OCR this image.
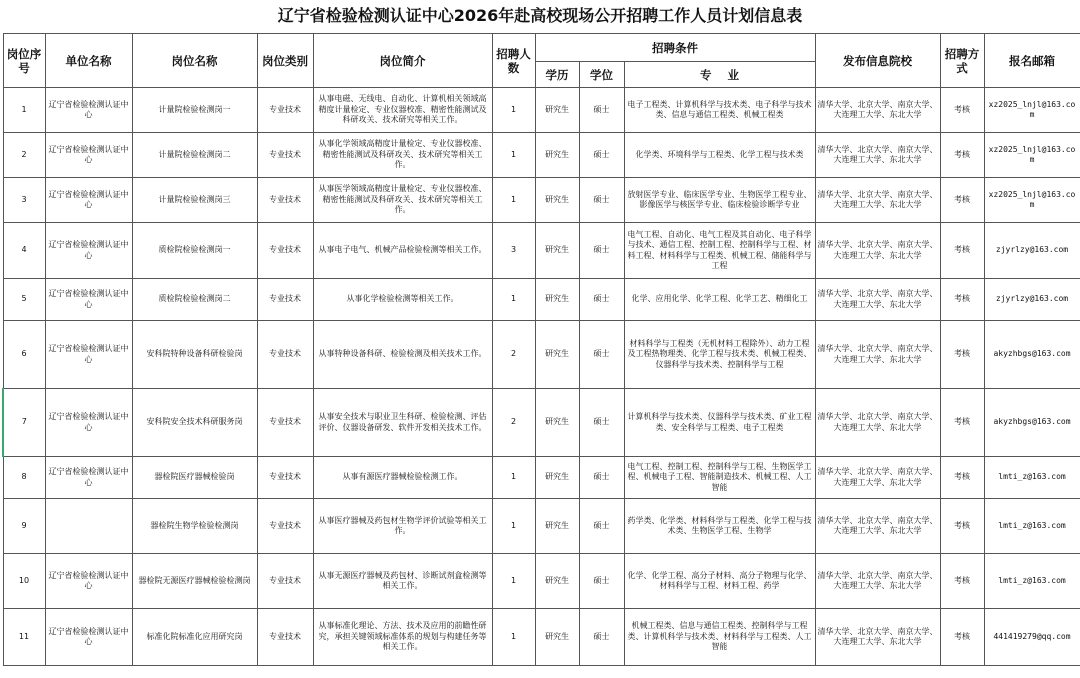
辽宁省检验检测认证中心2026年赴高校现场公开招聘工作人员计划信息表
岗位序号	单位名称	岗位名称	岗位类别	岗位简介	招聘人数	招聘条件			发布信息院校	招聘方式	报名邮箱
						学历	学位	专    业			
1	辽宁省检验检测认证中心	计量院检验检测岗一	专业技术	从事电磁、无线电、自动化、计算机相关领域高精度计量检定、专业仪器校准、精密性能测试及科研攻关、技术研究等相关工作。	1	研究生	硕士	电子工程类、计算机科学与技术类、电子科学与技术类、信息与通信工程类、机械工程类	清华大学、北京大学、南京大学、大连理工大学、东北大学	考核	xz2025_lnjl@163.com
2	辽宁省检验检测认证中心	计量院检验检测岗二	专业技术	从事化学领域高精度计量检定、专业仪器校准、精密性能测试及科研攻关、技术研究等相关工作。	1	研究生	硕士	化学类、环境科学与工程类、化学工程与技术类	清华大学、北京大学、南京大学、大连理工大学、东北大学	考核	xz2025_lnjl@163.com
3	辽宁省检验检测认证中心	计量院检验检测岗三	专业技术	从事医学领域高精度计量检定、专业仪器校准、精密性能测试及科研攻关、技术研究等相关工作。	1	研究生	硕士	放射医学专业、临床医学专业、生物医学工程专业、影像医学与核医学专业、临床检验诊断学专业	清华大学、北京大学、南京大学、大连理工大学、东北大学	考核	xz2025_lnjl@163.com
4	辽宁省检验检测认证中心	质检院检验检测岗一	专业技术	从事电子电气、机械产品检验检测等相关工作。	3	研究生	硕士	电气工程、自动化、电气工程及其自动化、电子科学与技术、通信工程、控制工程、控制科学与工程、材料工程、材料科学与工程类、机械工程、储能科学与工程	清华大学、北京大学、南京大学、大连理工大学、东北大学	考核	zjyrlzy@163.com
5	辽宁省检验检测认证中心	质检院检验检测岗二	专业技术	从事化学检验检测等相关工作。	1	研究生	硕士	化学、应用化学、化学工程、化学工艺、精细化工	清华大学、北京大学、南京大学、大连理工大学、东北大学	考核	zjyrlzy@163.com
6	辽宁省检验检测认证中心	安科院特种设备科研检验岗	专业技术	从事特种设备科研、检验检测及相关技术工作。	2	研究生	硕士	材料科学与工程类（无机材料工程除外）、动力工程及工程热物理类、化学工程与技术类、机械工程类、仪器科学与技术类、控制科学与工程	清华大学、北京大学、南京大学、大连理工大学、东北大学	考核	akyzhbgs@163.com
7	辽宁省检验检测认证中心	安科院安全技术科研服务岗	专业技术	从事安全技术与职业卫生科研、检验检测、评估评价、仪器设备研发、软件开发相关技术工作。	2	研究生	硕士	计算机科学与技术类、仪器科学与技术类、矿业工程类、安全科学与工程类、电子工程类	清华大学、北京大学、南京大学、大连理工大学、东北大学	考核	akyzhbgs@163.com
8	辽宁省检验检测认证中心	器检院医疗器械检验岗	专业技术	从事有源医疗器械检验检测工作。	1	研究生	硕士	电气工程、控制工程、控制科学与工程、生物医学工程、机械电子工程、智能制造技术、机械工程、人工智能	清华大学、北京大学、南京大学、大连理工大学、东北大学	考核	lmti_z@163.com
9		器检院生物学检验检测岗	专业技术	从事医疗器械及药包材生物学评价试验等相关工作。	1	研究生	硕士	药学类、化学类、材料科学与工程类、化学工程与技术类、生物医学工程、生物学	清华大学、北京大学、南京大学、大连理工大学、东北大学	考核	lmti_z@163.com
10	辽宁省检验检测认证中心	器检院无源医疗器械检验检测岗	专业技术	从事无源医疗器械及药包材、诊断试剂盒检测等相关工作。	1	研究生	硕士	化学、化学工程、高分子材料、高分子物理与化学、材料科学与工程、材料工程、药学	清华大学、北京大学、南京大学、大连理工大学、东北大学	考核	lmti_z@163.com
11	辽宁省检验检测认证中心	标准化院标准化应用研究岗	专业技术	从事标准化理论、方法、技术及应用的前瞻性研究，承担关键领域标准体系的规划与构建任务等相关工作。	1	研究生	硕士	机械工程类、信息与通信工程类、控制科学与工程类、计算机科学与技术类、材料科学与工程类、人工智能	清华大学、北京大学、南京大学、大连理工大学、东北大学	考核	441419279@qq.com
